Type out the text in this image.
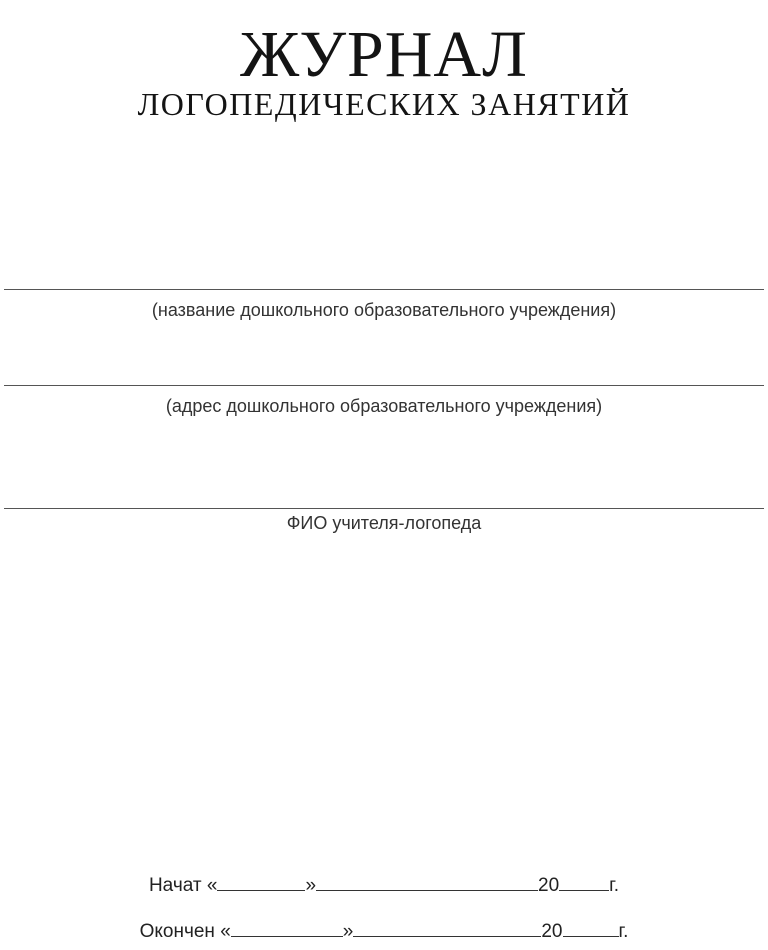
ЖУРНАЛ
ЛОГОПЕДИЧЕСКИХ ЗАНЯТИЙ
(название дошкольного образовательного учреждения)
(адрес дошкольного образовательного учреждения)
ФИО учителя-логопеда
Начат «	»	20	г.
Окончен «	»	20	г.
